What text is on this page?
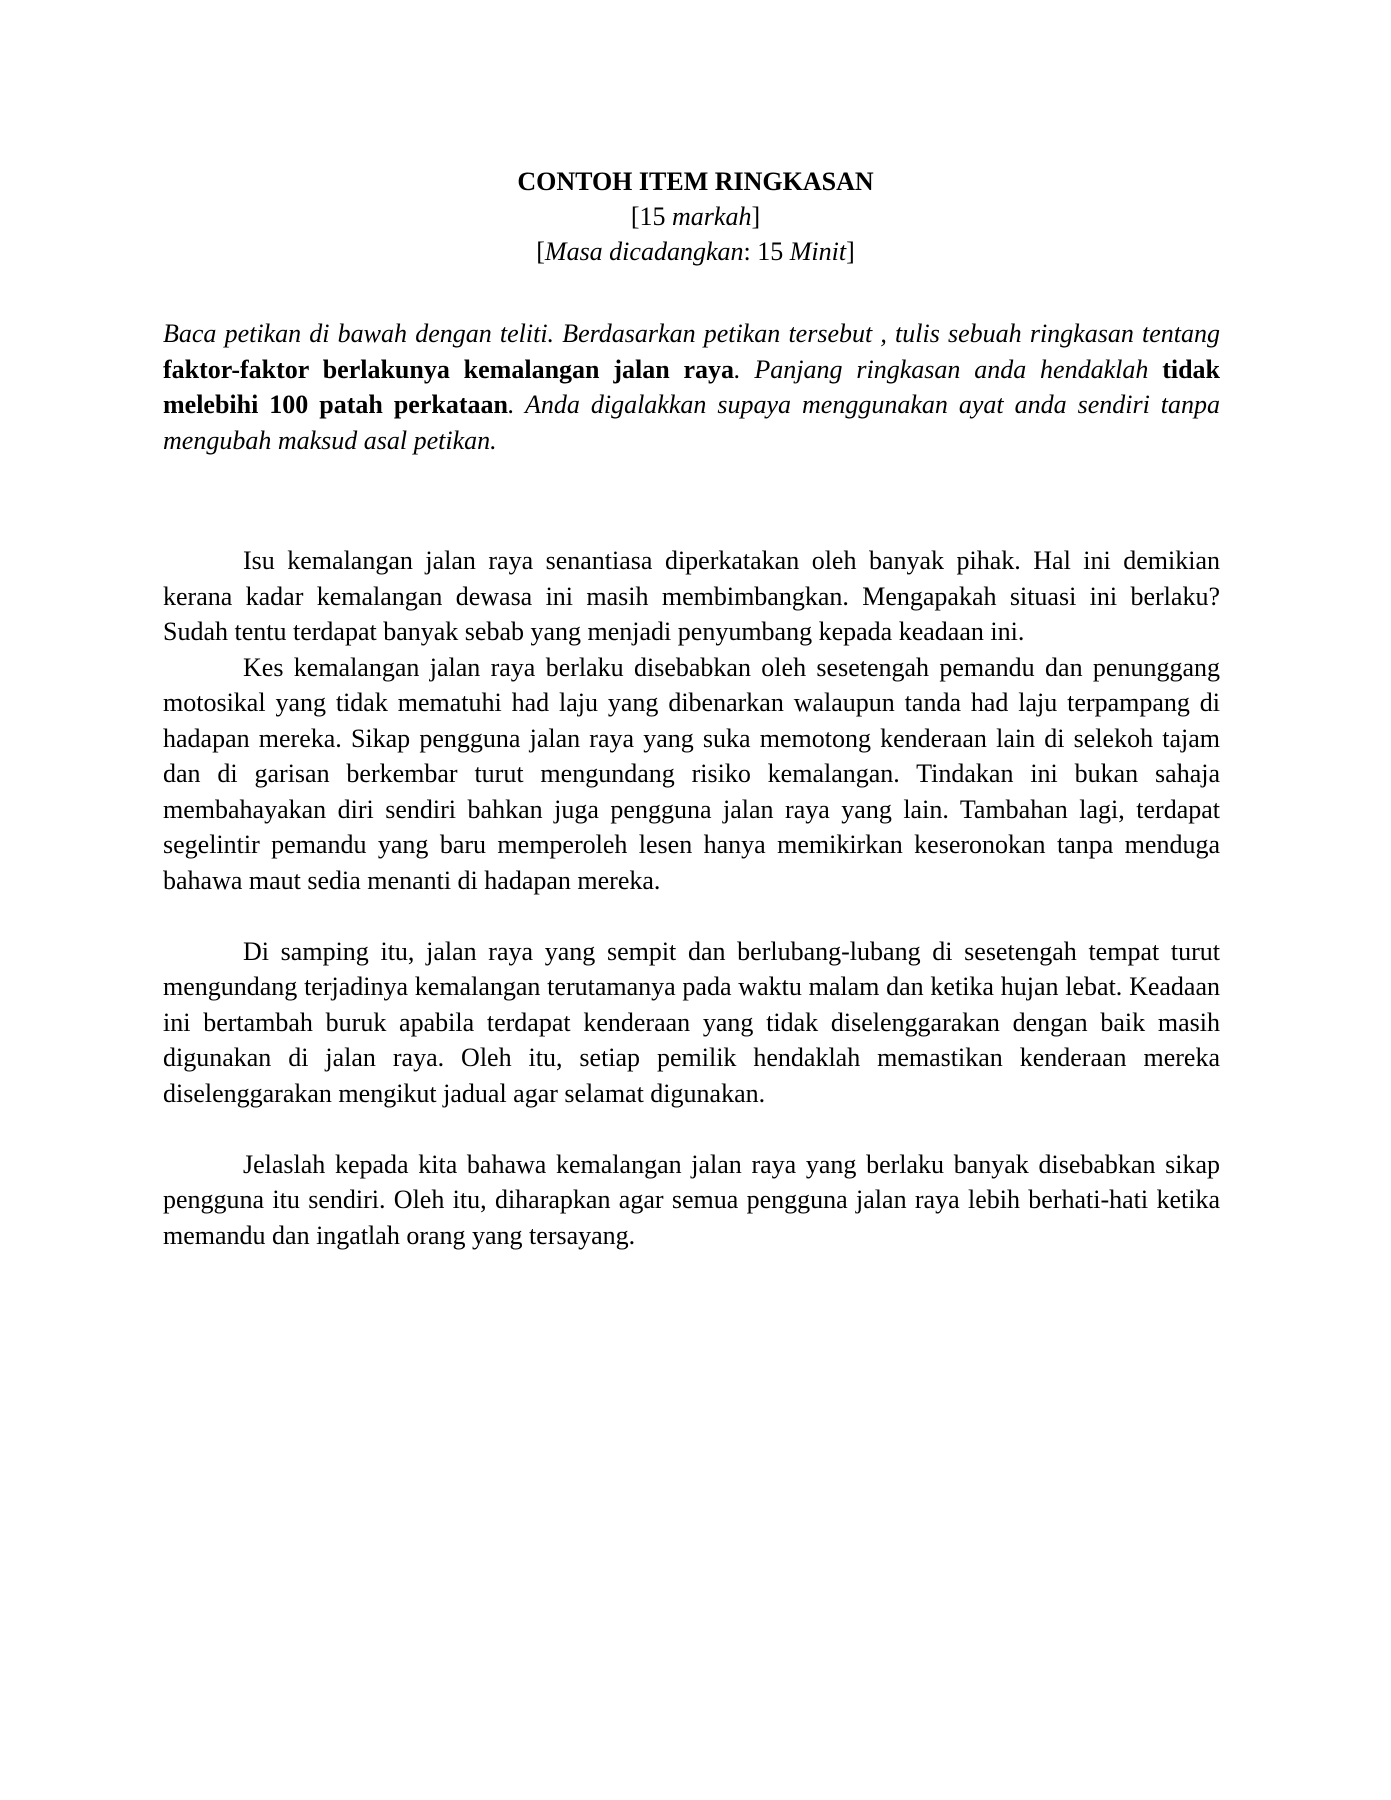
CONTOH ITEM RINGKASAN
[15 markah]
[Masa dicadangkan: 15 Minit]
Baca petikan di bawah dengan teliti. Berdasarkan petikan tersebut , tulis sebuah ringkasan tentang faktor-faktor berlakunya kemalangan jalan raya. Panjang ringkasan anda hendaklah tidak melebihi 100 patah perkataan. Anda digalakkan supaya menggunakan ayat anda sendiri tanpa mengubah maksud asal petikan.

Isu kemalangan jalan raya senantiasa diperkatakan oleh banyak pihak. Hal ini demikian kerana kadar kemalangan dewasa ini masih membimbangkan. Mengapakah situasi ini berlaku? Sudah tentu terdapat banyak sebab yang menjadi penyumbang kepada keadaan ini.

Kes kemalangan jalan raya berlaku disebabkan oleh sesetengah pemandu dan penunggang motosikal yang tidak mematuhi had laju yang dibenarkan walaupun tanda had laju terpampang di hadapan mereka. Sikap pengguna jalan raya yang suka memotong kenderaan lain di selekoh tajam dan di garisan berkembar turut mengundang risiko kemalangan. Tindakan ini bukan sahaja membahayakan diri sendiri bahkan juga pengguna jalan raya yang lain. Tambahan lagi, terdapat segelintir pemandu yang baru memperoleh lesen hanya memikirkan keseronokan tanpa menduga bahawa maut sedia menanti di hadapan mereka.

Di samping itu, jalan raya yang sempit dan berlubang-lubang di sesetengah tempat turut mengundang terjadinya kemalangan terutamanya pada waktu malam dan ketika hujan lebat. Keadaan ini bertambah buruk apabila terdapat kenderaan yang tidak diselenggarakan dengan baik masih digunakan di jalan raya. Oleh itu, setiap pemilik hendaklah memastikan kenderaan mereka diselenggarakan mengikut jadual agar selamat digunakan.

Jelaslah kepada kita bahawa kemalangan jalan raya yang berlaku banyak disebabkan sikap pengguna itu sendiri. Oleh itu, diharapkan agar semua pengguna jalan raya lebih berhati-hati ketika memandu dan ingatlah orang yang tersayang.
